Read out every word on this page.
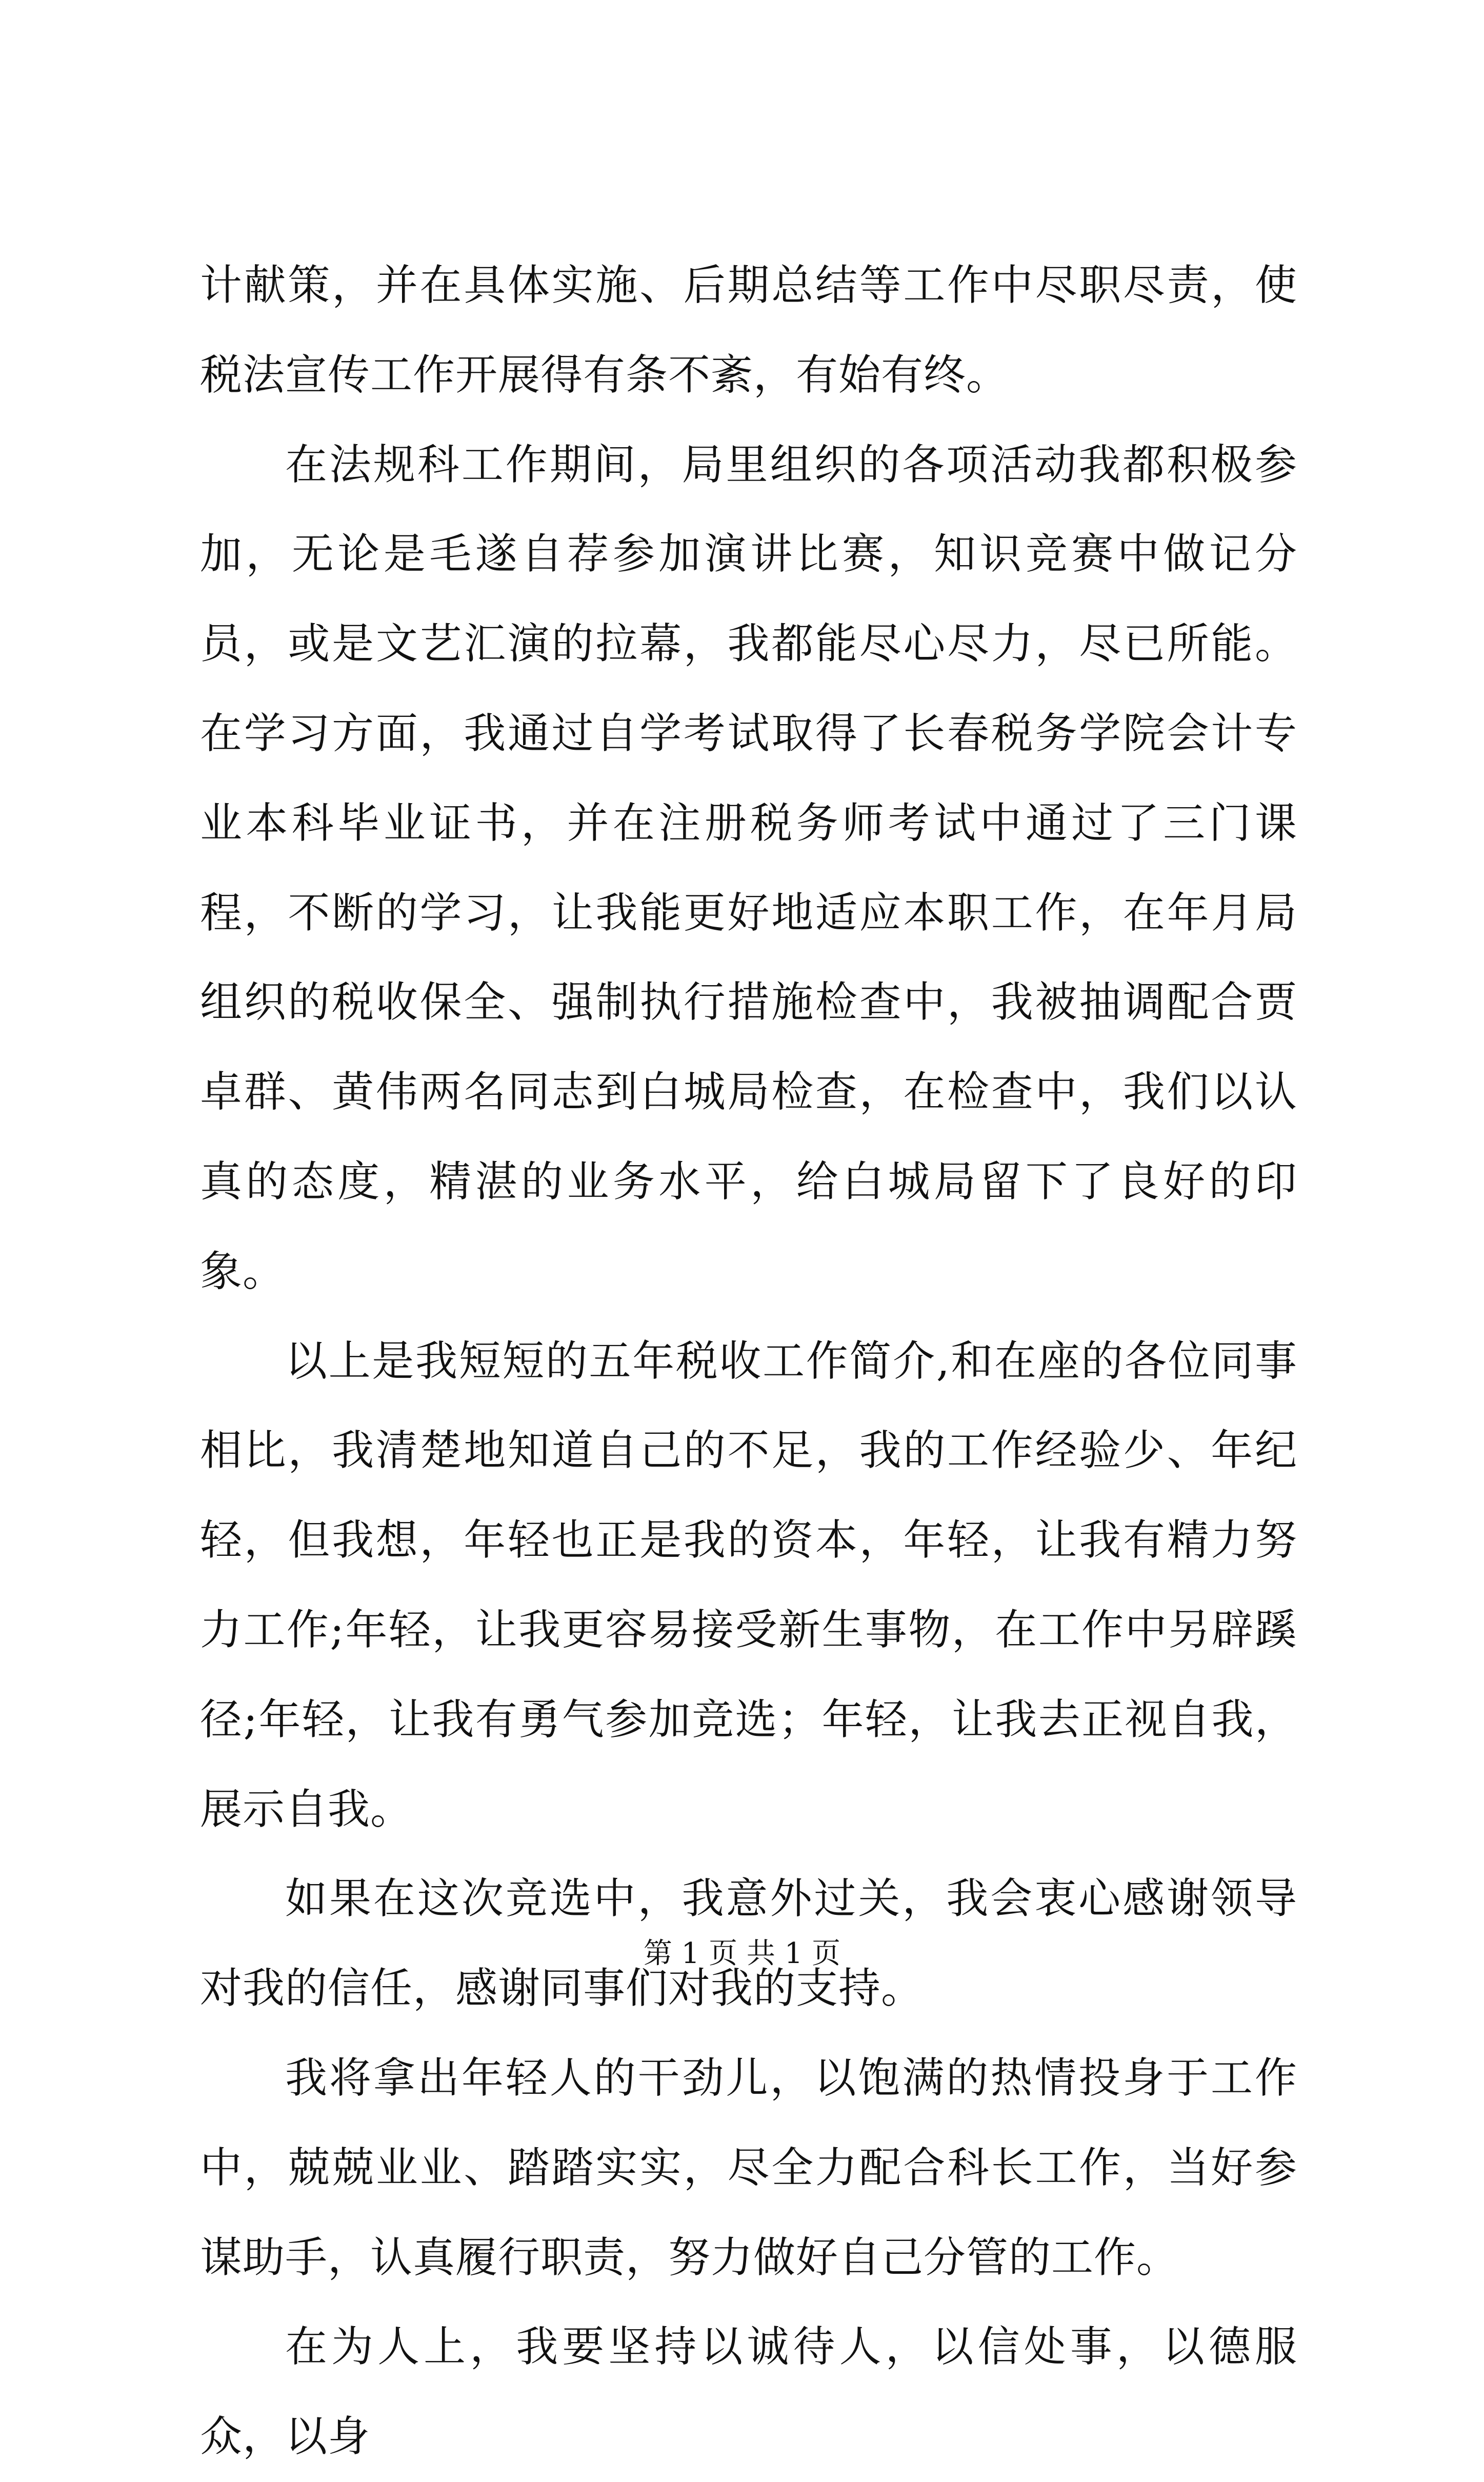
计献策，并在具体实施、后期总结等工作中尽职尽责，使税法宣传工作开展得有条不紊，有始有终。

在法规科工作期间，局里组织的各项活动我都积极参加，无论是毛遂自荐参加演讲比赛，知识竞赛中做记分员，或是文艺汇演的拉幕，我都能尽心尽力，尽已所能。在学习方面，我通过自学考试取得了长春税务学院会计专业本科毕业证书，并在注册税务师考试中通过了三门课程，不断的学习，让我能更好地适应本职工作，在年月局组织的税收保全、强制执行措施检查中，我被抽调配合贾卓群、黄伟两名同志到白城局检查，在检查中，我们以认真的态度，精湛的业务水平，给白城局留下了良好的印象。

以上是我短短的五年税收工作简介,和在座的各位同事相比，我清楚地知道自己的不足，我的工作经验少、年纪轻，但我想，年轻也正是我的资本，年轻，让我有精力努力工作;年轻，让我更容易接受新生事物，在工作中另辟蹊径;年轻，让我有勇气参加竞选；年轻，让我去正视自我，展示自我。

如果在这次竞选中，我意外过关，我会衷心感谢领导对我的信任，感谢同事们对我的支持。

我将拿出年轻人的干劲儿，以饱满的热情投身于工作中，兢兢业业、踏踏实实，尽全力配合科长工作，当好参谋助手，认真履行职责，努力做好自己分管的工作。

在为人上，我要坚持以诚待人，以信处事，以德服众，以身

第 1 页 共 1 页
